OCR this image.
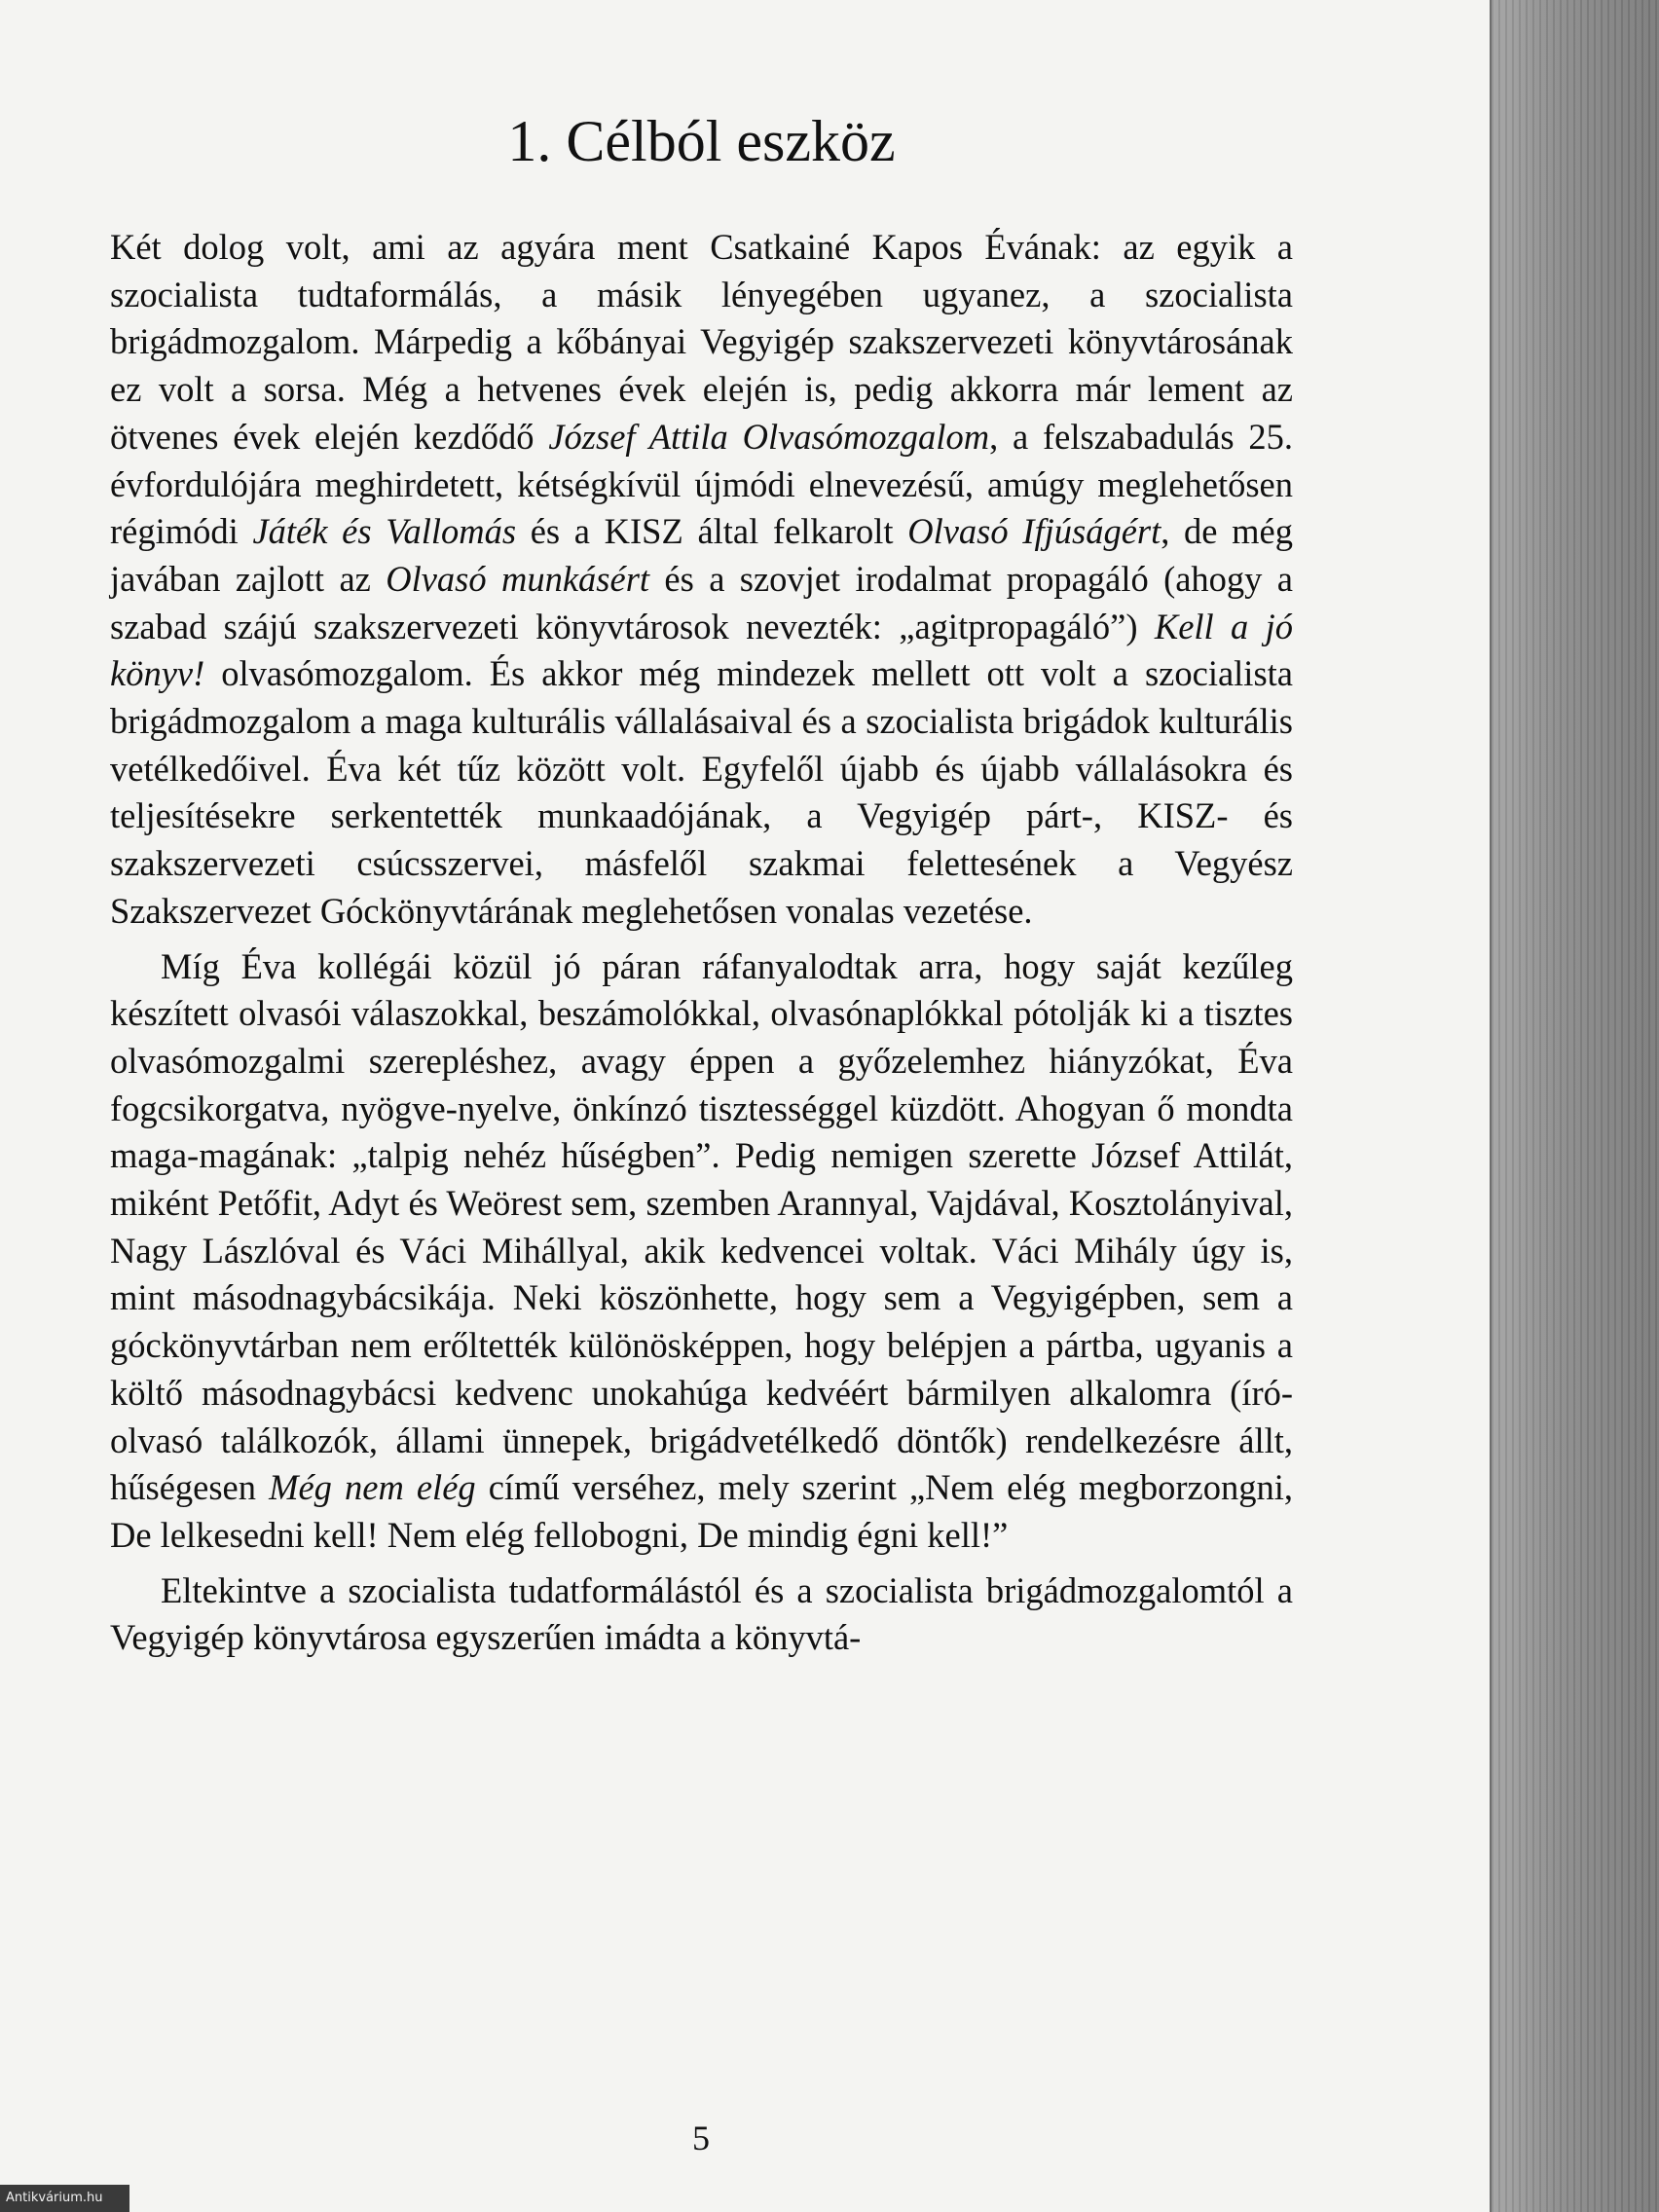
1. Célból eszköz

Két dolog volt, ami az agyára ment Csatkainé Kapos Évának: az egyik a szocialista tudtaformálás, a másik lényegében ugyanez, a szocialista brigádmozgalom. Márpedig a kőbányai Vegyigép szakszervezeti könyvtárosának ez volt a sorsa. Még a hetvenes évek elején is, pedig akkorra már lement az ötvenes évek elején kezdődő József Attila Olvasómozgalom, a felszabadulás 25. évfordulójára meghirdetett, kétségkívül újmódi elnevezésű, amúgy meglehetősen régimódi Játék és Vallomás és a KISZ által felkarolt Olvasó Ifjúságért, de még javában zajlott az Olvasó munkásért és a szovjet irodalmat propagáló (ahogy a szabad szájú szakszervezeti könyvtárosok nevezték: „agitpropagáló”) Kell a jó könyv! olvasómozgalom. És akkor még mindezek mellett ott volt a szocialista brigádmozgalom a maga kulturális vállalásaival és a szocialista brigádok kulturális vetélkedőivel. Éva két tűz között volt. Egyfelől újabb és újabb vállalásokra és teljesítésekre serkentették munkaadójának, a Vegyigép párt-, KISZ- és szakszervezeti csúcsszervei, másfelől szakmai felettesének a Vegyész Szakszervezet Góckönyvtárának meglehetősen vonalas vezetése.

Míg Éva kollégái közül jó páran ráfanyalodtak arra, hogy saját kezűleg készített olvasói válaszokkal, beszámolókkal, olvasónaplókkal pótolják ki a tisztes olvasómozgalmi szerepléshez, avagy éppen a győzelemhez hiányzókat, Éva fogcsikorgatva, nyögve-nyelve, önkínzó tisztességgel küzdött. Ahogyan ő mondta maga-magának: „talpig nehéz hűségben”. Pedig nemigen szerette József Attilát, miként Petőfit, Adyt és Weörest sem, szemben Arannyal, Vajdával, Kosztolányival, Nagy Lászlóval és Váci Mihállyal, akik kedvencei voltak. Váci Mihály úgy is, mint másodnagybácsikája. Neki köszönhette, hogy sem a Vegyigépben, sem a góckönyvtárban nem erőltették különösképpen, hogy belépjen a pártba, ugyanis a költő másodnagybácsi kedvenc unokahúga kedvéért bármilyen alkalomra (író-olvasó találkozók, állami ünnepek, brigádvetélkedő döntők) rendelkezésre állt, hűségesen Még nem elég című verséhez, mely szerint „Nem elég megborzongni, De lelkesedni kell! Nem elég fellobogni, De mindig égni kell!”

Eltekintve a szocialista tudatformálástól és a szocialista brigádmozgalomtól a Vegyigép könyvtárosa egyszerűen imádta a könyvtá-

5
Antikvárium.hu
